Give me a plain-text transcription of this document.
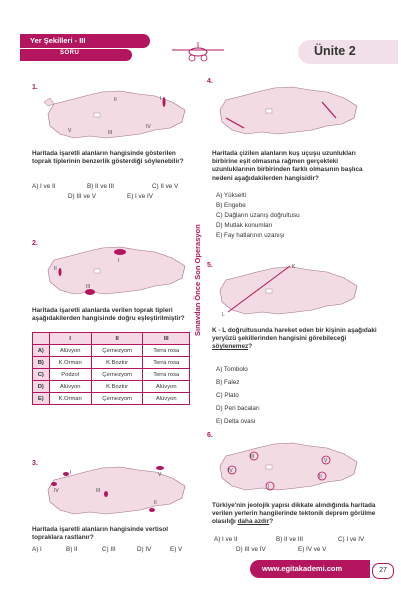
Yer Şekilleri - III
SORU	Ünite 2
1.
I
II
III
IV
V
Haritada işaretli alanların hangisinde gösterilen toprak tiplerinin benzerlik gösterdiği söylenebilir?
A) I ve II	B) II ve III	C) II ve V
D) III ve V	E) I ve IV
2.
I
II
III
Haritada işaretli alanlarda verilen toprak tipleri aşağıdakilerden hangisinde doğru eşleştirilmiştir?
	I	II	III
A)	Alüvyon	Çernezyom	Terra rosa
B)	K.Orman	K.Bozkır	Terra rosa
C)	Podzol	Çernezyom	Terra rosa
D)	Alüvyon	K.Bozkır	Alüvyon
E)	K.Orman	Çernezyom	Alüvyon
3.
I
II
III
IV
V
Haritada işaretli alanların hangisinde vertisol topraklara rastlanır?
A) I	B) II	C) III	D) IV	E) V
Sınavdan Önce Son Operasyon
4.
Haritada çizilen alanların kuş uçuşu uzunlukları birbirine eşit olmasına rağmen gerçekteki uzunluklarının birbirinden farklı olmasının başlıca nedeni aşağıdakilerden hangisidir?
A) Yükselti
B) Engebe
C) Dağların uzanış doğrultusu
D) Mutlak konumları
E) Fay hatlarının uzanışı
5.	K
L
K - L doğrultusunda hareket eden bir kişinin aşağıdaki yeryüzü şekillerinden hangisini görebileceği söylenemez?
A) Tombolo
B) Falez
C) Plato
D) Peri bacaları
E) Delta ovası
6.
I
II
III
IV
V
Türkiye'nin jeolojik yapısı dikkate alındığında haritada verilen yerlerin hangilerinde tektonik deprem görülme olasılığı daha azdır?
A) I ve II	B) II ve III	C) I ve IV
D) III ve IV	E) IV ve V
www.egitakademi.com	27
